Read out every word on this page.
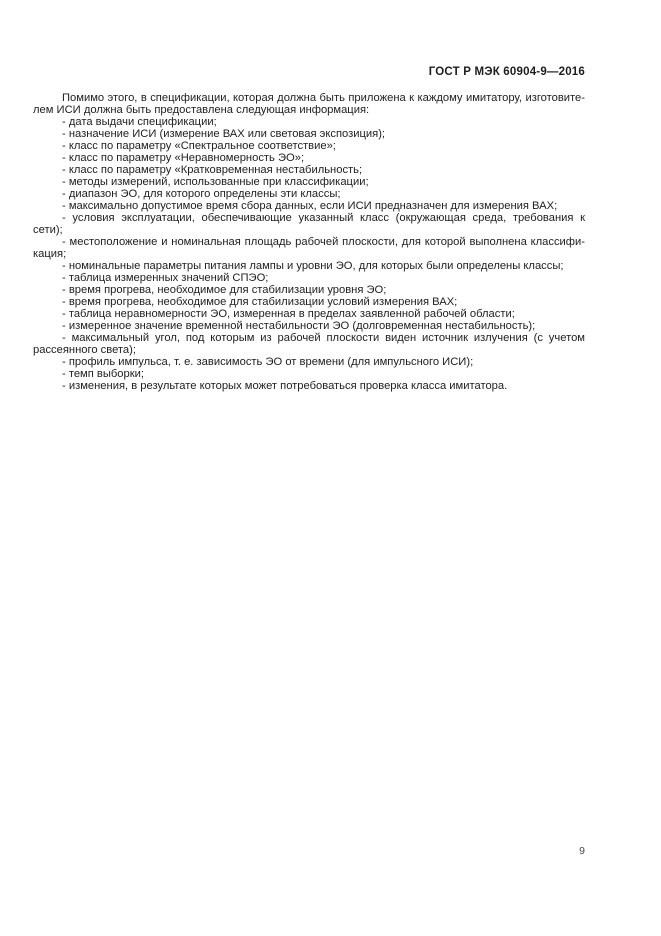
ГОСТ Р МЭК 60904-9—2016
Помимо этого, в спецификации, которая должна быть приложена к каждому имитатору, изготовите-
лем ИСИ должна быть предоставлена следующая информация:
- дата выдачи спецификации;
- назначение ИСИ (измерение ВАХ или световая экспозиция);
- класс по параметру «Спектральное соответствие»;
- класс по параметру «Неравномерность ЭО»;
- класс по параметру «Кратковременная нестабильность;
- методы измерений, использованные при классификации;
- диапазон ЭО, для которого определены эти классы;
- максимально допустимое время сбора данных, если ИСИ предназначен для измерения ВАХ;
- условия эксплуатации, обеспечивающие указанный класс (окружающая среда, требования к
сети);
- местоположение и номинальная площадь рабочей плоскости, для которой выполнена классифи-
кация;
- номинальные параметры питания лампы и уровни ЭО, для которых были определены классы;
- таблица измеренных значений СПЭО;
- время прогрева, необходимое для стабилизации уровня ЭО;
- время прогрева, необходимое для стабилизации условий измерения ВАХ;
- таблица неравномерности ЭО, измеренная в пределах заявленной рабочей области;
- измеренное значение временной нестабильности ЭО (долговременная нестабильность);
- максимальный угол, под которым из рабочей плоскости виден источник излучения (с учетом
рассеянного света);
- профиль импульса, т. е. зависимость ЭО от времени (для импульсного ИСИ);
- темп выборки;
- изменения, в результате которых может потребоваться проверка класса имитатора.
9
